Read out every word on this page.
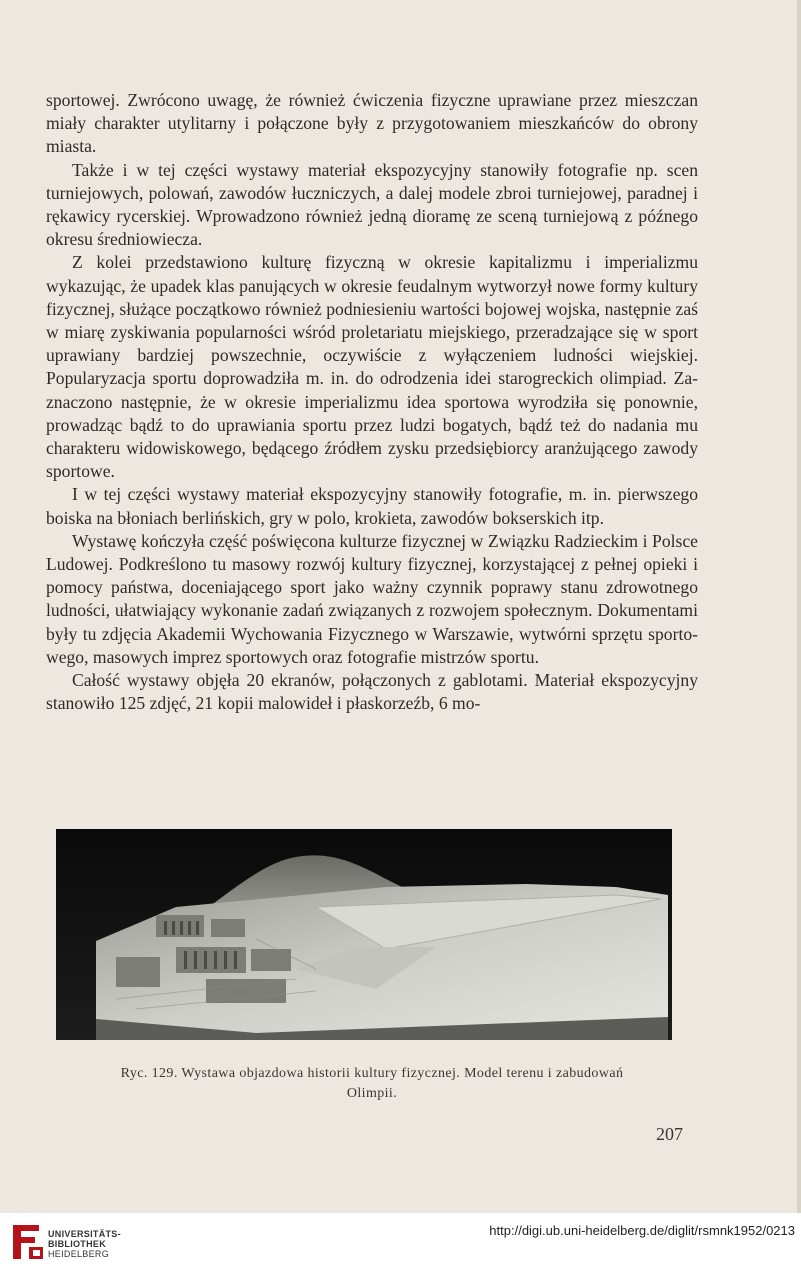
sportowej. Zwrócono uwagę, że również ćwiczenia fizyczne uprawiane przez mieszczan miały charakter utylitarny i połączone były z przygotowaniem mieszkańców do obrony miasta.

Także i w tej części wystawy materiał ekspozycyjny stanowiły fotografie np. scen turniejowych, polowań, zawodów łuczniczych, a dalej modele zbroi turniejowej, paradnej i rękawicy rycerskiej. Wprowadzono również jedną dioramę ze sceną turniejową z późnego okresu średniowiecza.

Z kolei przedstawiono kulturę fizyczną w okresie kapitalizmu i imperializmu wykazując, że upadek klas panujących w okresie feudalnym wytworzył nowe formy kultury fizycznej, służące początkowo również podniesieniu wartości bojowej wojska, następnie zaś w miarę zyskiwania popularności wśród proletariatu miejskiego, przeradzające się w sport uprawiany bardziej powszechnie, oczywiście z wyłączeniem ludności wiejskiej. Popularyzacja sportu doprowadziła m. in. do odrodzenia idei starogreckich olimpiad. Zaznaczono następnie, że w okresie imperializmu idea sportowa wyrodziła się ponownie, prowadząc bądź to do uprawiania sportu przez ludzi bogatych, bądź też do nadania mu charakteru widowiskowego, będącego źródłem zysku przedsiębiorcy aranżującego zawody sportowe.

I w tej części wystawy materiał ekspozycyjny stanowiły fotografie, m. in. pierwszego boiska na błoniach berlińskich, gry w polo, krokieta, zawodów bokserskich itp.

Wystawę kończyła część poświęcona kulturze fizycznej w Związku Radzieckim i Polsce Ludowej. Podkreślono tu masowy rozwój kultury fizycznej, korzystającej z pełnej opieki i pomocy państwa, doceniającego sport jako ważny czynnik poprawy stanu zdrowotnego ludności, ułatwiający wykonanie zadań związanych z rozwojem społecznym. Dokumentami były tu zdjęcia Akademii Wychowania Fizycznego w Warszawie, wytwórni sprzętu sportowego, masowych imprez sportowych oraz fotografie mistrzów sportu.

Całość wystawy objęła 20 ekranów, połączonych z gablotami. Materiał ekspozycyjny stanowiło 125 zdjęć, 21 kopii malowideł i płaskorzeźb, 6 mo-

Ryc. 129. Wystawa objazdowa historii kultury fizycznej. Model terenu i zabudowań
Olimpii.
207
UNIVERSITÄTS-
BIBLIOTHEK
HEIDELBERG
http://digi.ub.uni-heidelberg.de/diglit/rsmnk1952/0213
